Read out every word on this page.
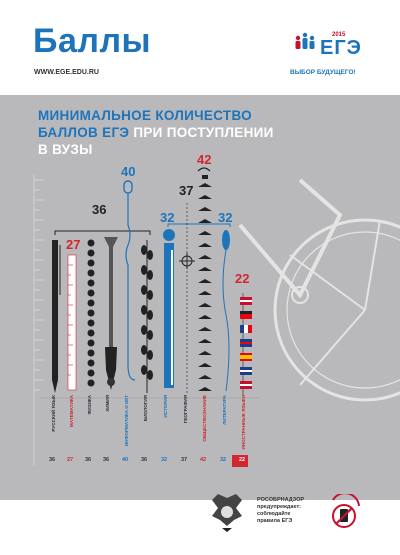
Баллы
WWW.EGE.EDU.RU
2015
ЕГЭ
ВЫБОР БУДУЩЕГО!
МИНИМАЛЬНОЕ КОЛИЧЕСТВО
БАЛЛОВ ЕГЭ ПРИ ПОСТУПЛЕНИИ
В ВУЗЫ
36
27
40
32
37
42
32
22
РУССКИЙ ЯЗЫК	МАТЕМАТИКА	ФИЗИКА	ХИМИЯ	ИНФОРМАТИКА И ИКТ	БИОЛОГИЯ	ИСТОРИЯ	ГЕОГРАФИЯ	ОБЩЕСТВОЗНАНИЕ	ЛИТЕРАТУРА	ИНОСТРАННЫЕ ЯЗЫКИ
36	27	36	36	40	36	32	37	42	32	22
РОСОБРНАДЗОР
предупреждает:
соблюдайте
правила ЕГЭ
